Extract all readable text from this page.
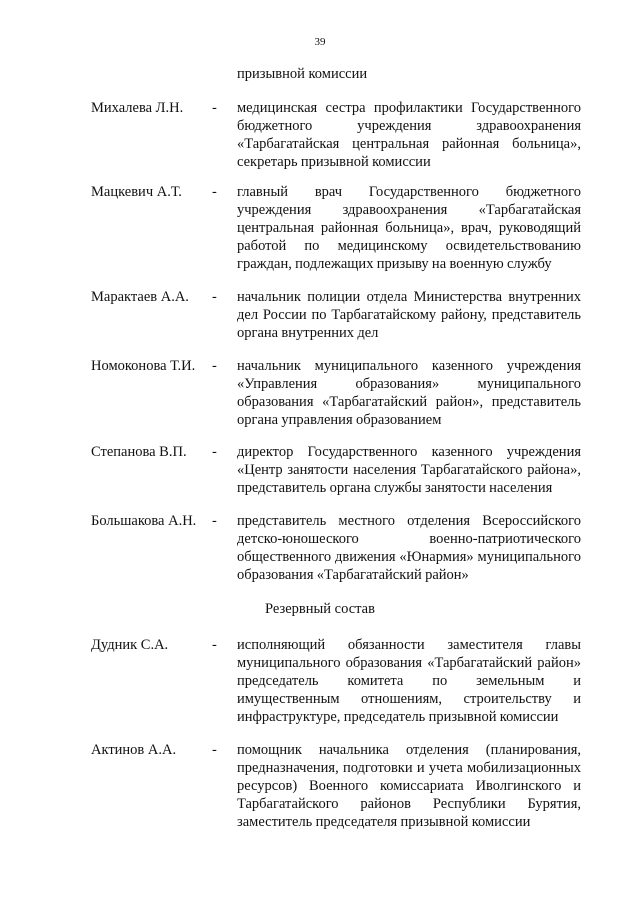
39
призывной комиссии
Михалева Л.Н. - медицинская сестра профилактики Государственного бюджетного учреждения здравоохранения «Тарбагатайская центральная районная больница», секретарь призывной комиссии
Мацкевич А.Т. - главный врач Государственного бюджетного учреждения здравоохранения «Тарбагатайская центральная районная больница», врач, руководящий работой по медицинскому освидетельствованию граждан, подлежащих призыву на военную службу
Марактаев А.А. - начальник полиции отдела Министерства внутренних дел России по Тарбагатайскому району, представитель органа внутренних дел
Номоконова Т.И. - начальник муниципального казенного учреждения «Управления образования» муниципального образования «Тарбагатайский район», представитель органа управления образованием
Степанова В.П. - директор Государственного казенного учреждения «Центр занятости населения Тарбагатайского района», представитель органа службы занятости населения
Большакова А.Н. - представитель местного отделения Всероссийского детско-юношеского военно-патриотического общественного движения «Юнармия» муниципального образования «Тарбагатайский район»
Резервный состав
Дудник С.А.	- исполняющий обязанности заместителя главы муниципального образования «Тарбагатайский район» председатель комитета по земельным и имущественным отношениям, строительству и инфраструктуре, председатель призывной комиссии
Актинов А.А. - помощник начальника отделения (планирования, предназначения, подготовки и учета мобилизационных ресурсов) Военного комиссариата Иволгинского и Тарбагатайского районов Республики Бурятия, заместитель председателя призывной комиссии
